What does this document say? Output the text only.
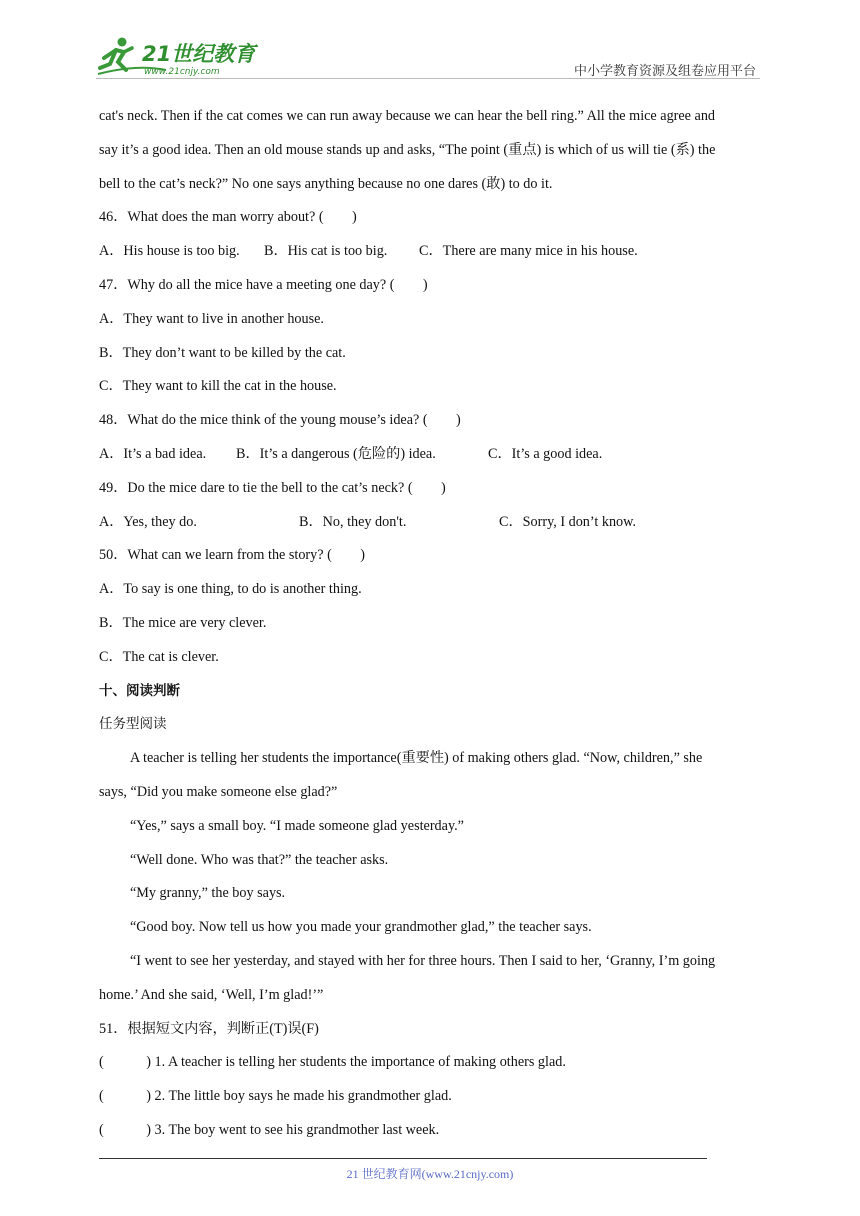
21世纪教育
www.21cnjy.com	中小学教育资源及组卷应用平台
cat's neck. Then if the cat comes we can run away because we can hear the bell ring.” All the mice agree and
say it’s a good idea. Then an old mouse stands up and asks, “The point (重点) is which of us will tie (系) the
bell to the cat’s neck?” No one says anything because no one dares (敢) to do it.
46．What does the man worry about? (　　)
A．His house is too big.	B．His cat is too big.	C．There are many mice in his house.
47．Why do all the mice have a meeting one day? (　　)
A．They want to live in another house.
B．They don’t want to be killed by the cat.
C．They want to kill the cat in the house.
48．What do the mice think of the young mouse’s idea? (　　)
A．It’s a bad idea.	B．It’s a dangerous (危险的) idea.	C．It’s a good idea.
49．Do the mice dare to tie the bell to the cat’s neck? (　　)
A．Yes, they do.	B．No, they don't.	C．Sorry, I don’t know.
50．What can we learn from the story? (　　)
A．To say is one thing, to do is another thing.
B．The mice are very clever.
C．The cat is clever.
十、阅读判断
任务型阅读
A teacher is telling her students the importance(重要性) of making others glad. “Now, children,” she
says, “Did you make someone else glad?”
“Yes,” says a small boy. “I made someone glad yesterday.”
“Well done. Who was that?” the teacher asks.
“My granny,” the boy says.
“Good boy. Now tell us how you made your grandmother glad,” the teacher says.
“I went to see her yesterday, and stayed with her for three hours. Then I said to her, ‘Granny, I’m going
home.’ And she said, ‘Well, I’m glad!’”
51．根据短文内容，判断正(T)误(F)
(　　　) 1. A teacher is telling her students the importance of making others glad.
(　　　) 2. The little boy says he made his grandmother glad.
(　　　) 3. The boy went to see his grandmother last week.
21 世纪教育网(www.21cnjy.com)
